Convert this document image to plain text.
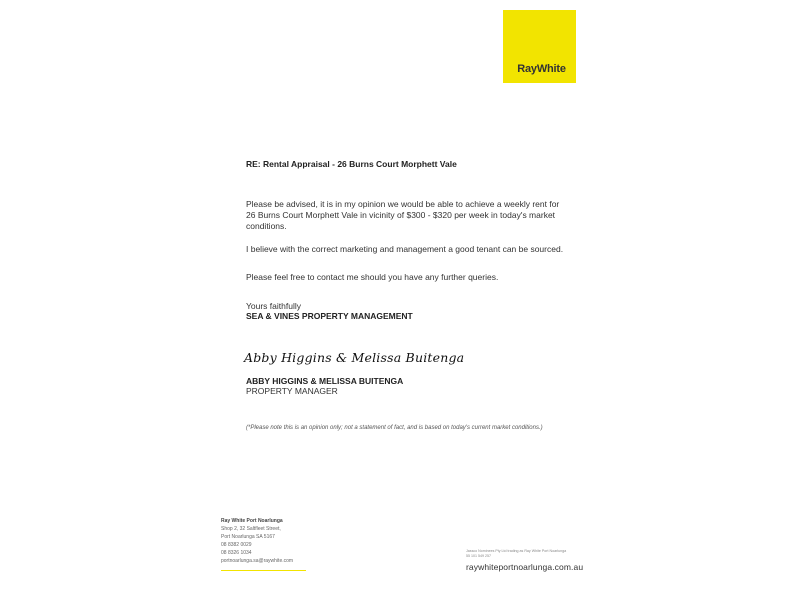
RayWhite
RE: Rental Appraisal - 26 Burns Court Morphett Vale
Please be advised, it is in my opinion we would be able to achieve a weekly rent for 26 Burns Court Morphett Vale in vicinity of $300 - $320 per week in today's market conditions.
I believe with the correct marketing and management a good tenant can be sourced.
Please feel free to contact me should you have any further queries.
Yours faithfully
SEA & VINES PROPERTY MANAGEMENT
Abby Higgins & Melissa Buitenga
ABBY HIGGINS & MELISSA BUITENGA
PROPERTY MANAGER
(*Please note this is an opinion only; not a statement of fact, and is based on today's current market conditions.)
Ray White Port Noarlunga
Shop 2, 32 Saltfleet Street,
Port Noarlunga SA 5167
08 8382 0029
08 8326 1034
portnoarlunga.sa@raywhite.com
Jassco Nominees Pty Ltd trading as Ray White Port Noarlunga
55 101 549 257
raywhiteportnoarlunga.com.au
